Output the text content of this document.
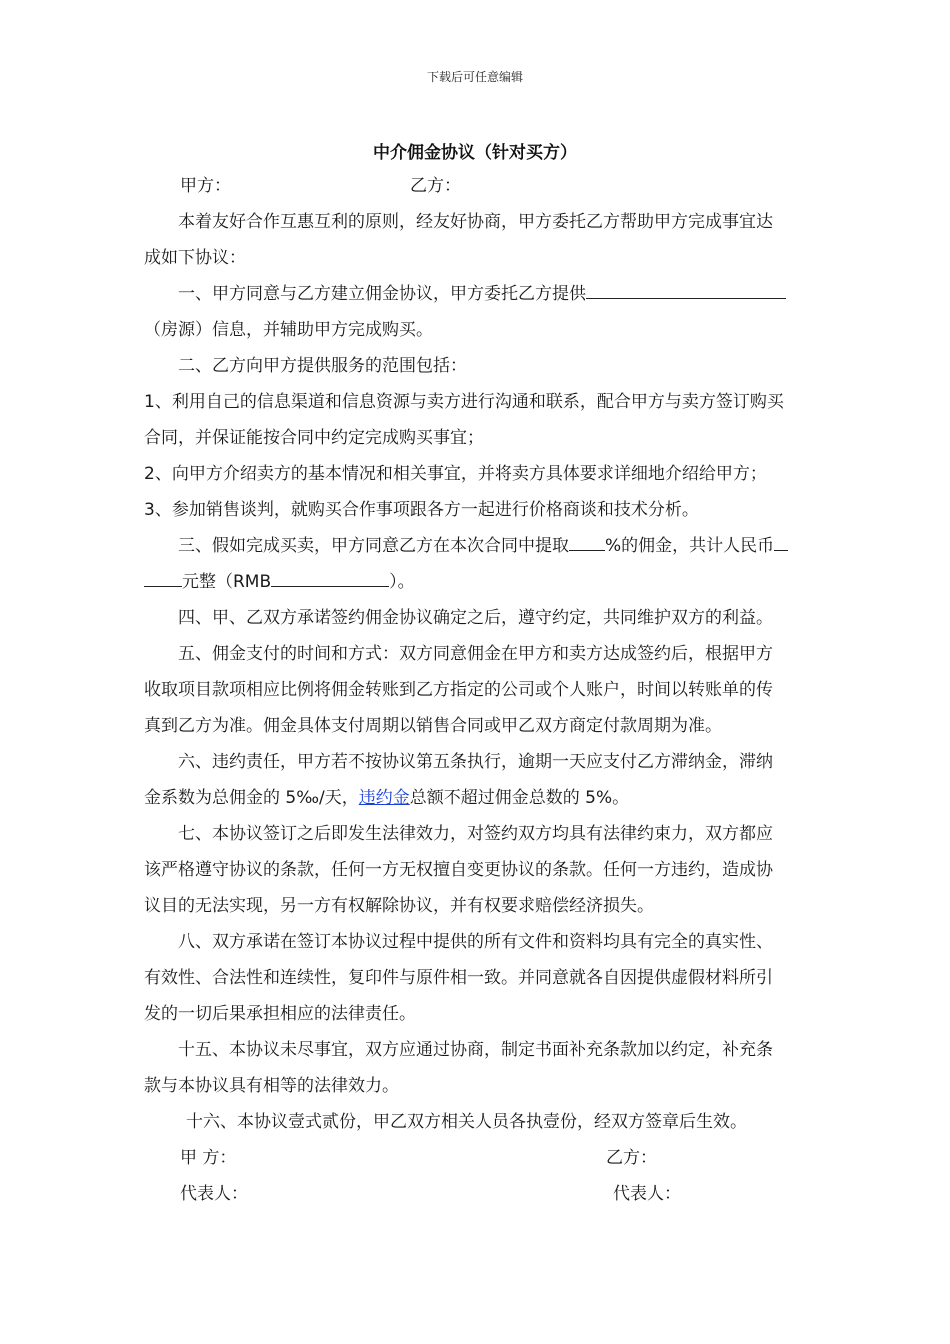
下载后可任意编辑
中介佣金协议（针对买方）
甲方：	乙方：
本着友好合作互惠互利的原则，经友好协商，甲方委托乙方帮助甲方完成事宜达
成如下协议：
一、甲方同意与乙方建立佣金协议，甲方委托乙方提供
（房源）信息，并辅助甲方完成购买。
二、乙方向甲方提供服务的范围包括：
1、利用自己的信息渠道和信息资源与卖方进行沟通和联系，配合甲方与卖方签订购买
合同，并保证能按合同中约定完成购买事宜；
2、向甲方介绍卖方的基本情况和相关事宜，并将卖方具体要求详细地介绍给甲方；
3、参加销售谈判，就购买合作事项跟各方一起进行价格商谈和技术分析。
三、假如完成买卖，甲方同意乙方在本次合同中提取 %的佣金，共计人民币
元整（RMB	）。
四、甲、乙双方承诺签约佣金协议确定之后，遵守约定，共同维护双方的利益。
五、佣金支付的时间和方式：双方同意佣金在甲方和卖方达成签约后，根据甲方
收取项目款项相应比例将佣金转账到乙方指定的公司或个人账户，时间以转账单的传
真到乙方为准。佣金具体支付周期以销售合同或甲乙双方商定付款周期为准。
六、违约责任，甲方若不按协议第五条执行，逾期一天应支付乙方滞纳金，滞纳
金系数为总佣金的 5‰/天，违约金总额不超过佣金总数的 5%。
七、本协议签订之后即发生法律效力，对签约双方均具有法律约束力，双方都应
该严格遵守协议的条款，任何一方无权擅自变更协议的条款。任何一方违约，造成协
议目的无法实现，另一方有权解除协议，并有权要求赔偿经济损失。
八、双方承诺在签订本协议过程中提供的所有文件和资料均具有完全的真实性、
有效性、合法性和连续性，复印件与原件相一致。并同意就各自因提供虚假材料所引
发的一切后果承担相应的法律责任。
十五、本协议未尽事宜，双方应通过协商，制定书面补充条款加以约定，补充条
款与本协议具有相等的法律效力。
十六、本协议壹式贰份，甲乙双方相关人员各执壹份，经双方签章后生效。
甲 方：	乙方：
代表人：	代表人：
